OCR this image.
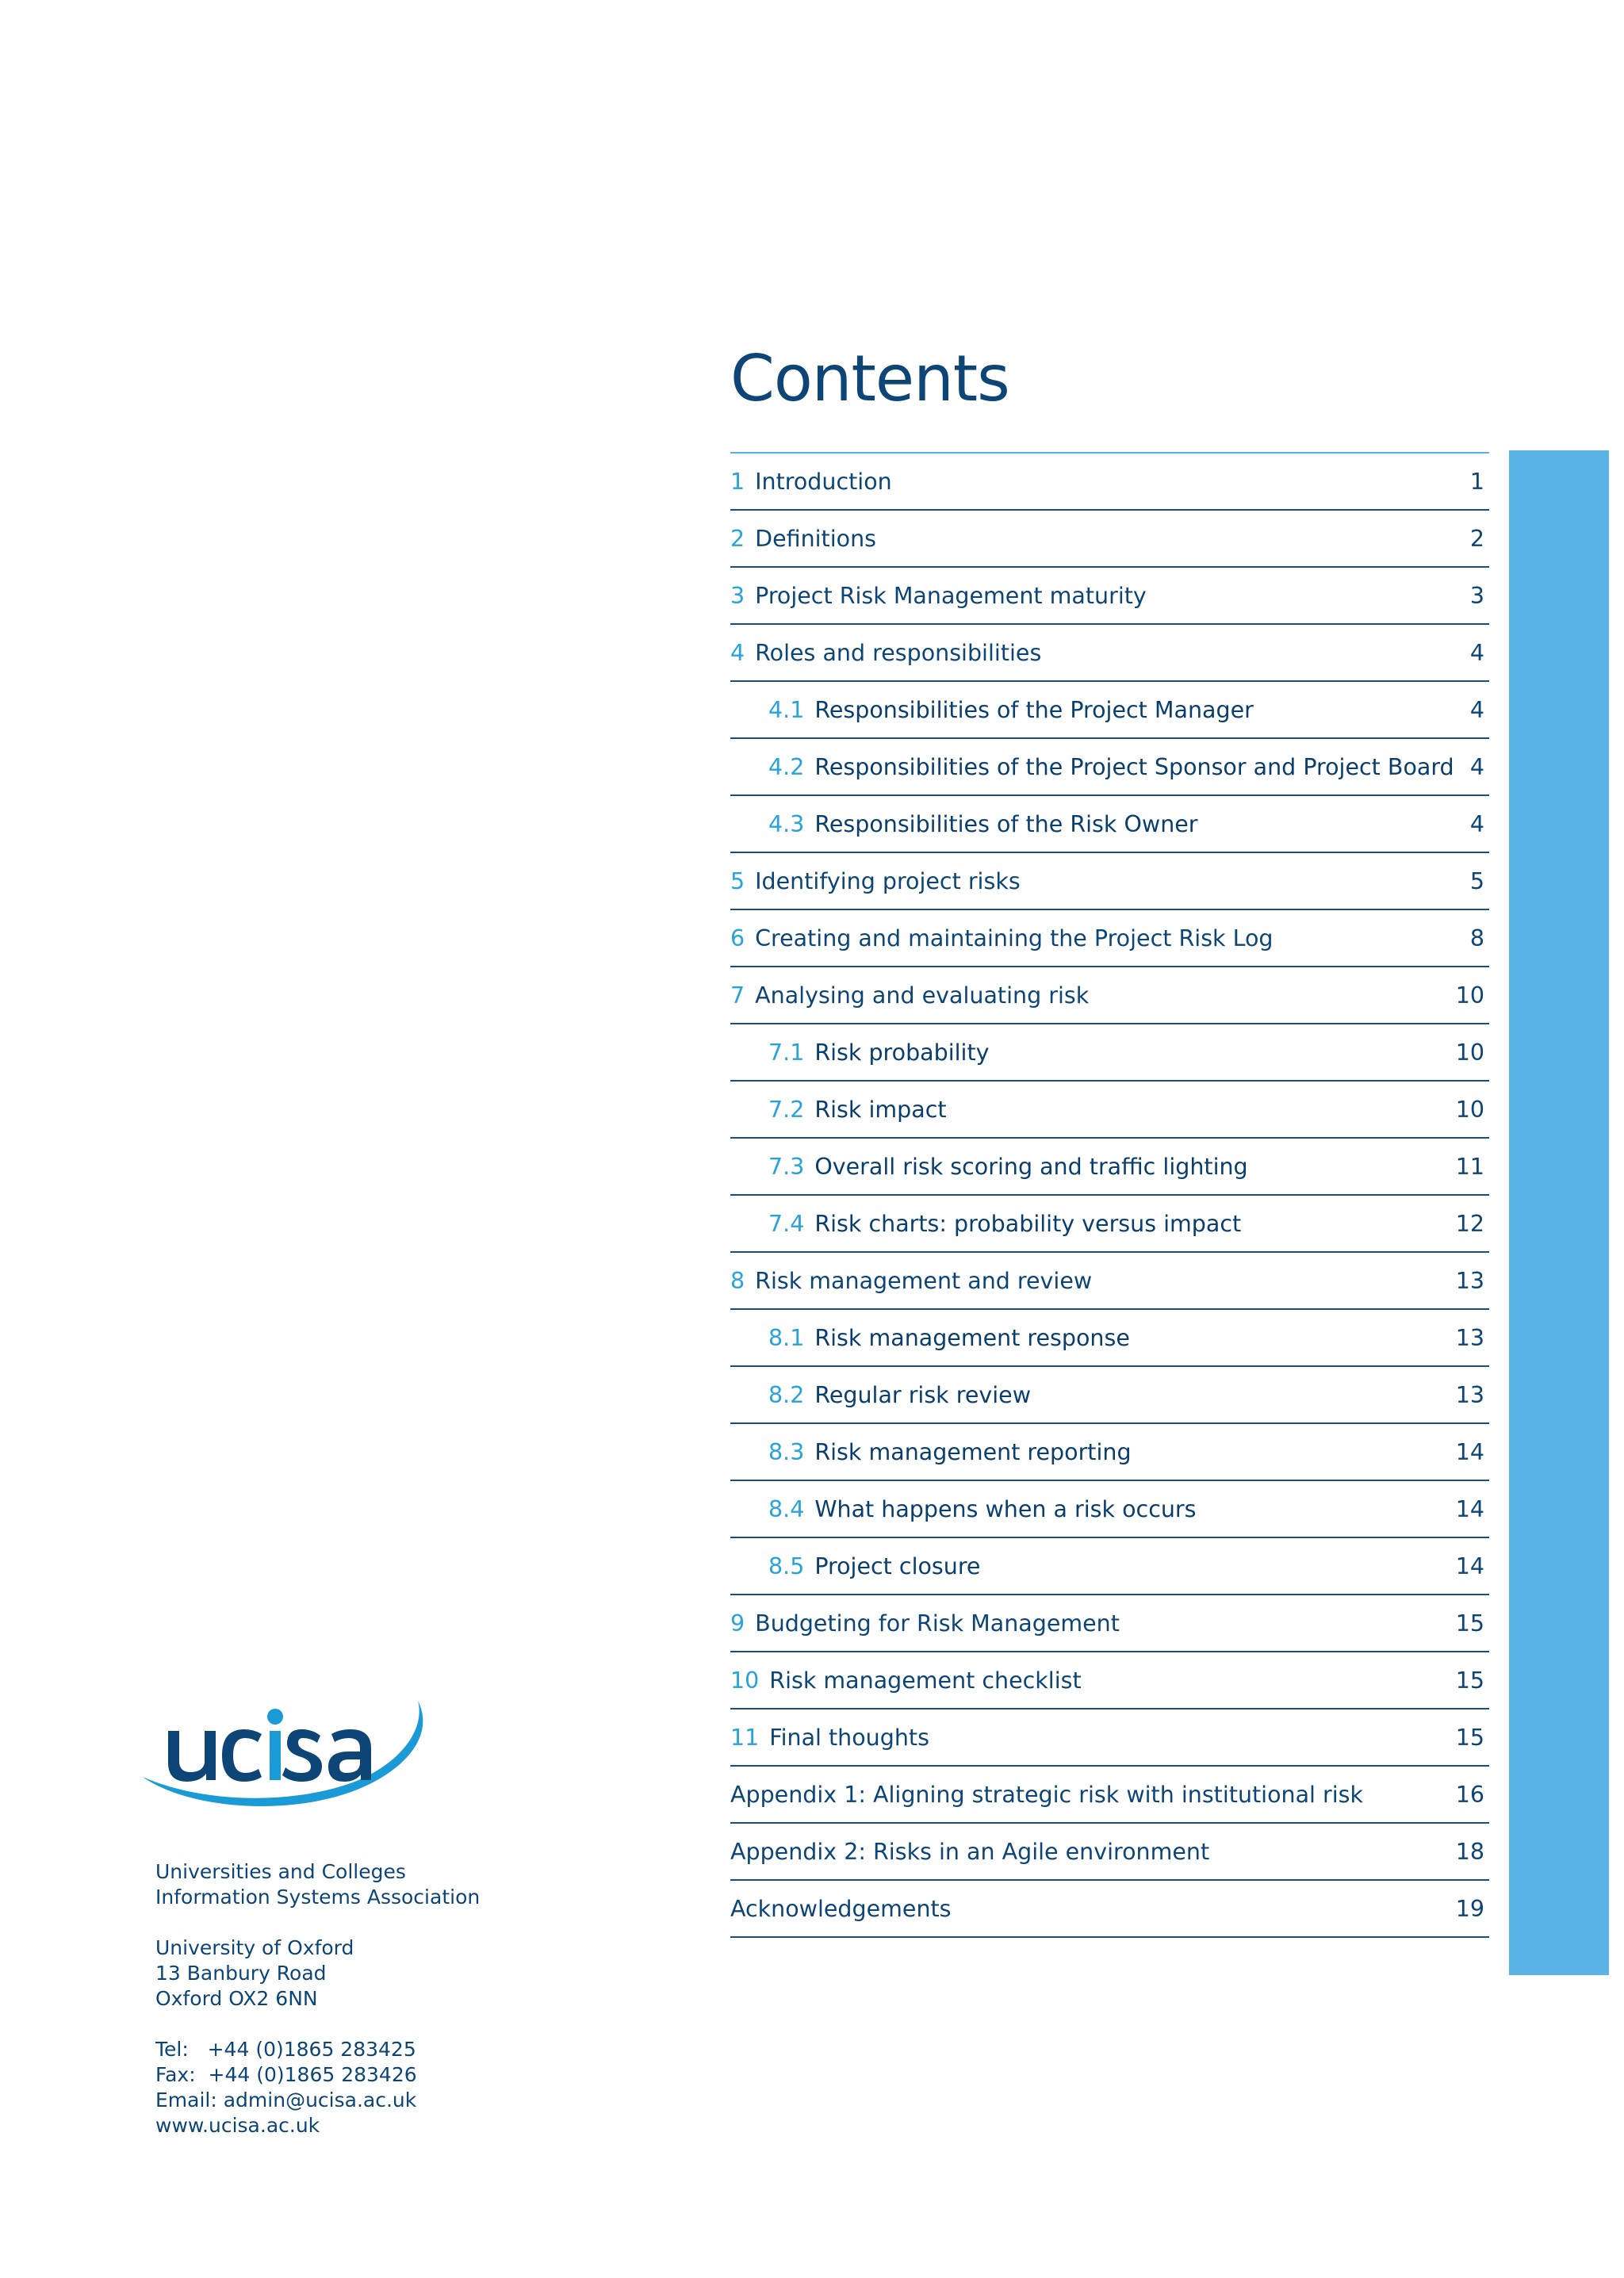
Contents
1 Introduction	1
2 Definitions	2
3 Project Risk Management maturity	3
4 Roles and responsibilities	4
4.1 Responsibilities of the Project Manager	4
4.2 Responsibilities of the Project Sponsor and Project Board 4
4.3 Responsibilities of the Risk Owner	4
5 Identifying project risks	5
6 Creating and maintaining the Project Risk Log	8
7 Analysing and evaluating risk	10
7.1 Risk probability	10
7.2 Risk impact	10
7.3 Overall risk scoring and traffic lighting	11
7.4 Risk charts: probability versus impact	12
8 Risk management and review	13
8.1 Risk management response	13
8.2 Regular risk review	13
8.3 Risk management reporting	14
8.4 What happens when a risk occurs	14
8.5 Project closure	14
9 Budgeting for Risk Management	15
10 Risk management checklist	15
11 Final thoughts	15
Appendix 1: Aligning strategic risk with institutional risk	16
Appendix 2: Risks in an Agile environment	18
Acknowledgements	19
Universities and Colleges
Information Systems Association
University of Oxford
13 Banbury Road
Oxford OX2 6NN
Tel:   +44 (0)1865 283425
Fax:  +44 (0)1865 283426
Email: admin@ucisa.ac.uk
www.ucisa.ac.uk
